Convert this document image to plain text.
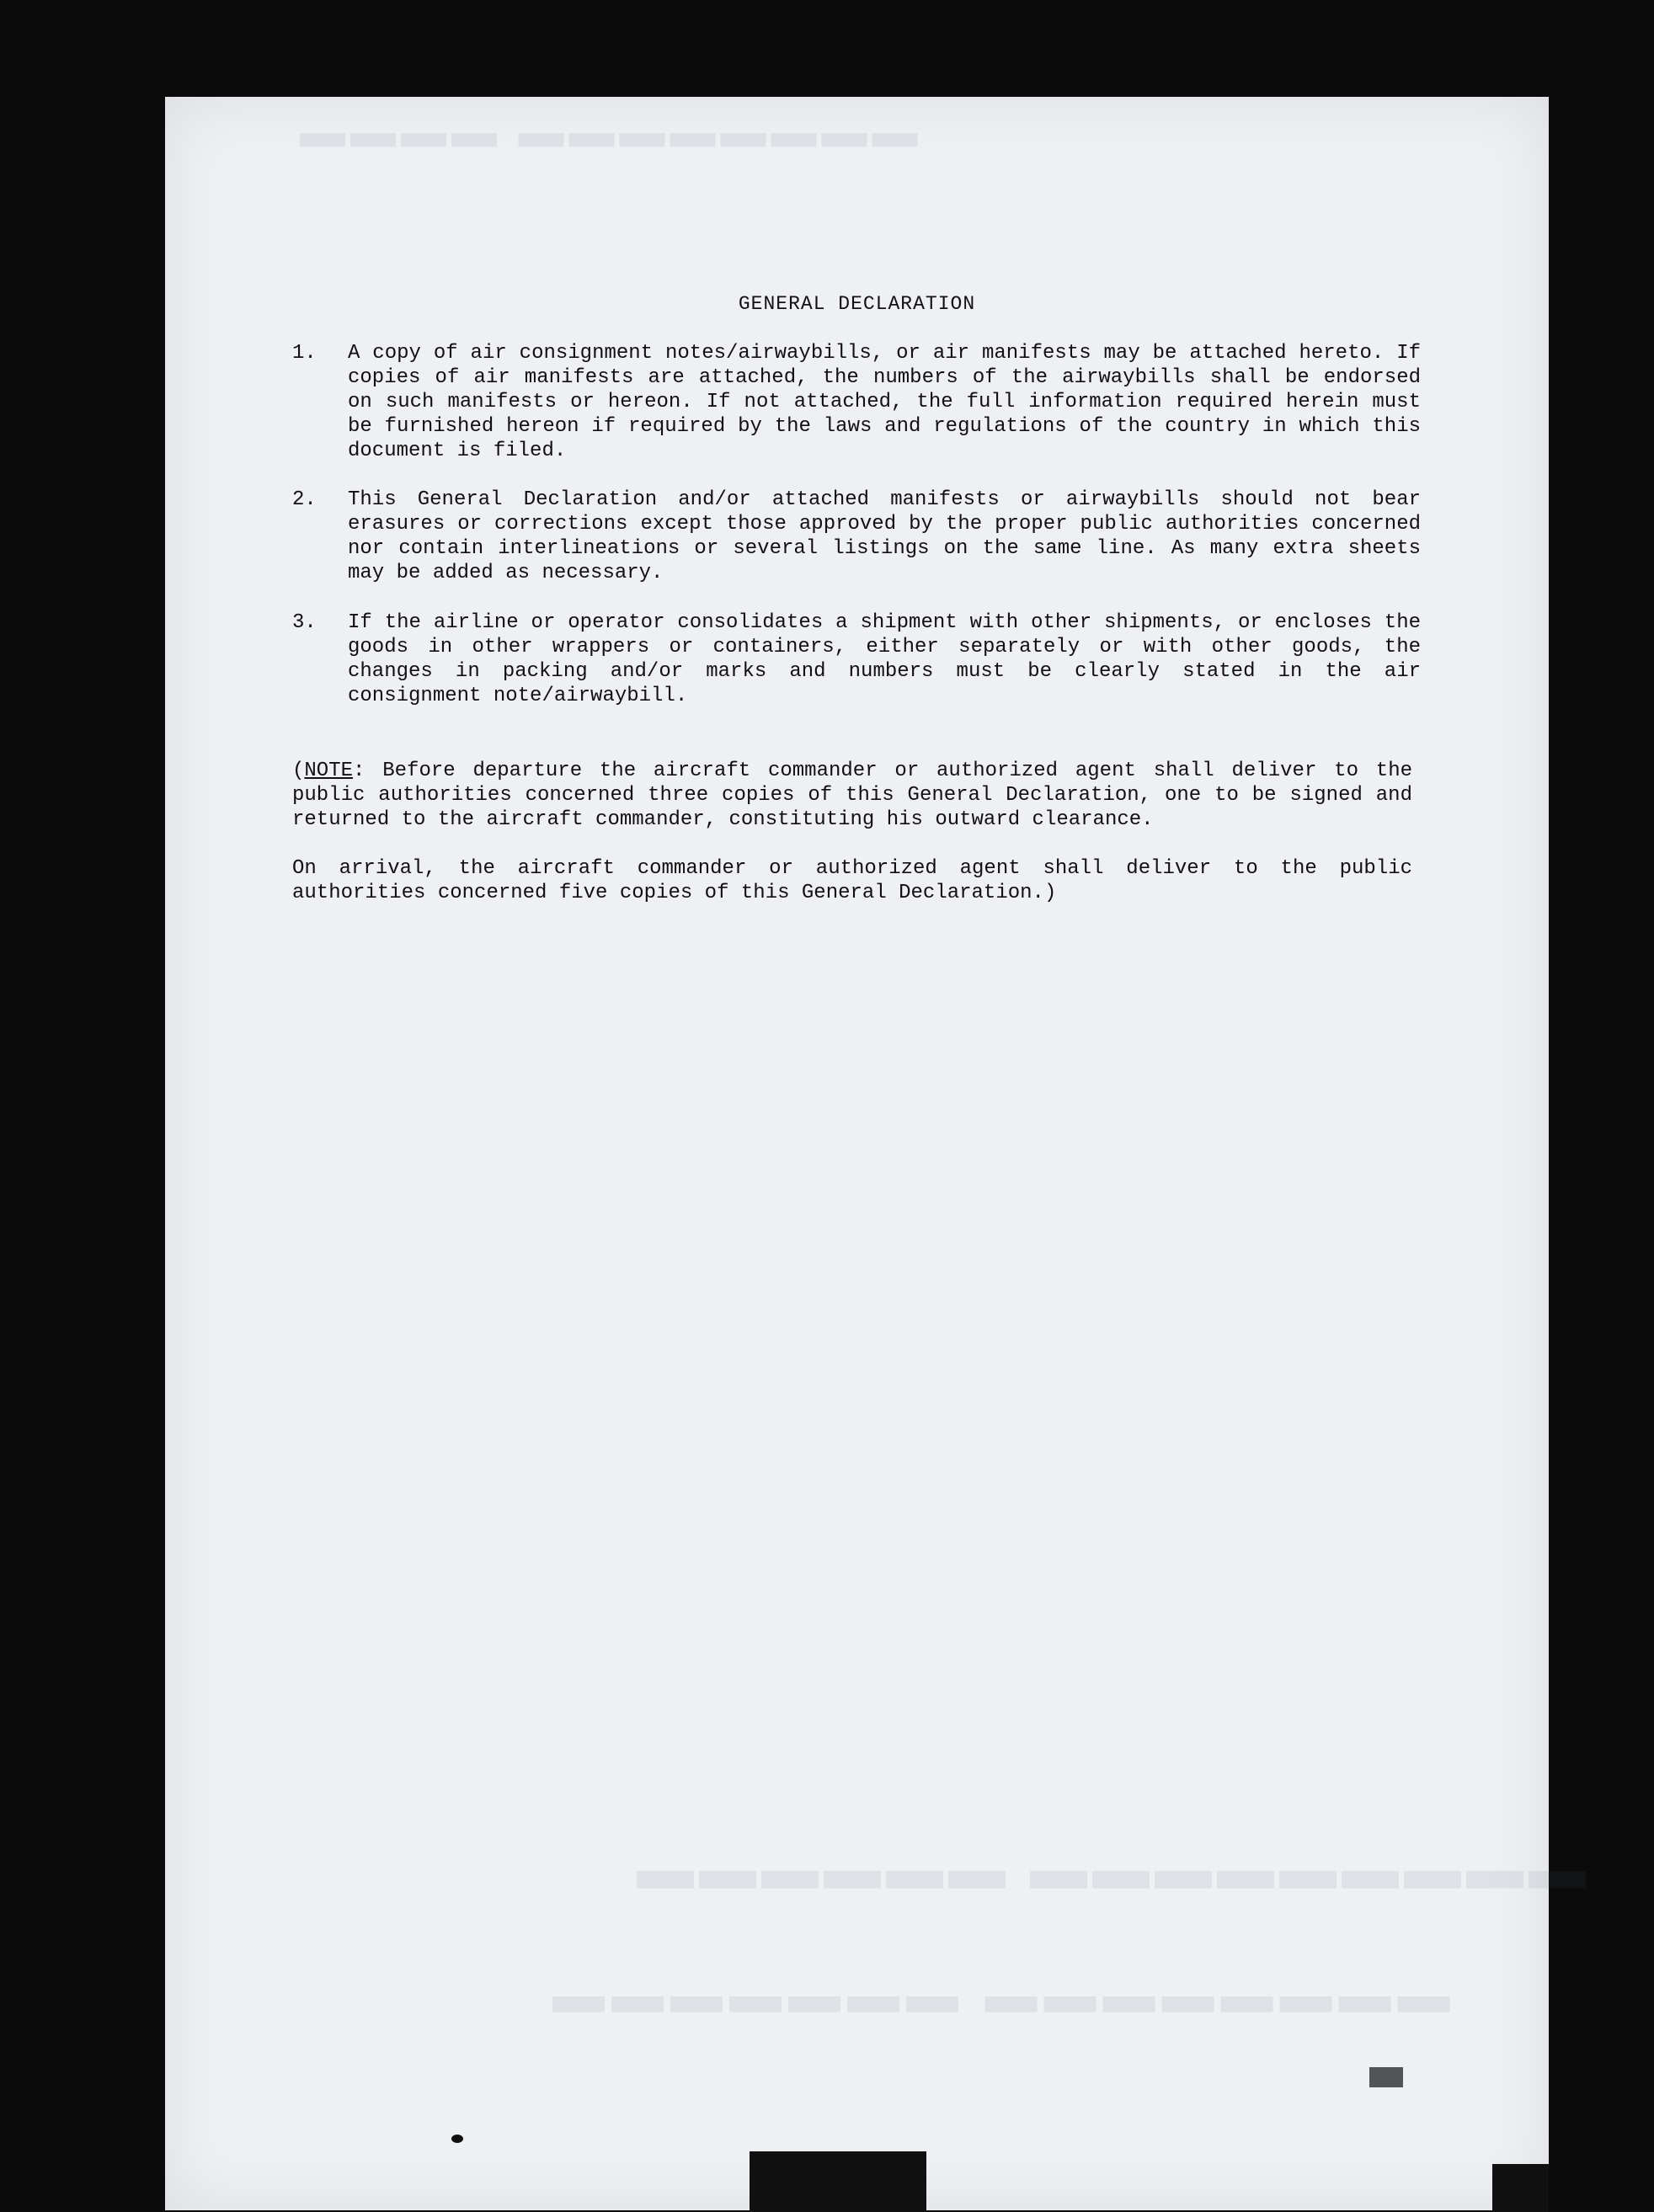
▬▬▬▬ ▬▬▬▬▬▬▬▬
▬▬▬▬▬▬ ▬▬▬▬▬▬▬▬▬
▬▬▬▬▬▬▬ ▬▬▬▬▬▬▬▬
GENERAL DECLARATION
1.	A copy of air consignment notes/airwaybills, or air manifests may be attached hereto. If copies of air manifests are attached, the numbers of the airwaybills shall be endorsed on such manifests or hereon. If not attached, the full information required herein must be furnished hereon if required by the laws and regulations of the country in which this document is filed.
2.	This General Declaration and/or attached manifests or airwaybills should not bear erasures or corrections except those approved by the proper public authorities concerned nor contain interlineations or several listings on the same line. As many extra sheets may be added as necessary.
3.	If the airline or operator consolidates a shipment with other shipments, or encloses the goods in other wrappers or containers, either separately or with other goods, the changes in packing and/or marks and numbers must be clearly stated in the air consignment note/airwaybill.
(NOTE: Before departure the aircraft commander or authorized agent shall deliver to the public authorities concerned three copies of this General Declaration, one to be signed and returned to the aircraft commander, constituting his outward clearance.
On arrival, the aircraft commander or authorized agent shall deliver to the public authorities concerned five copies of this General Declaration.)
